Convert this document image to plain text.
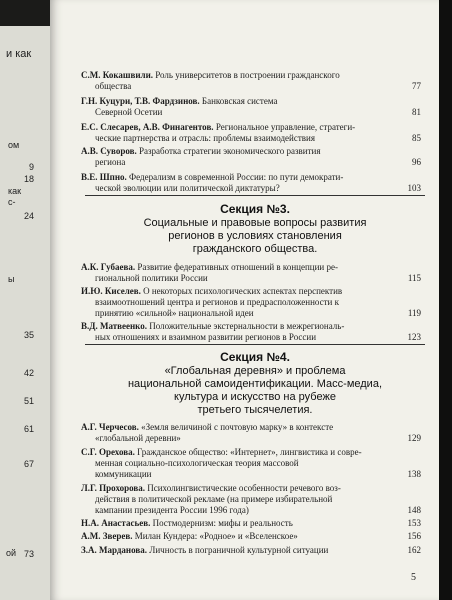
и как
ом
9
18
как
с-
24
ы
35
42
51
61
67
ой 73
С.М. Кокашвили. Роль университетов в построении гражданского
общества	77
Г.Н. Куцури, Т.В. Фардзинов. Банковская система
Северной Осетии	81
Е.С. Слесарев, А.В. Финагентов. Региональное управление, стратеги-
ческие партнерства и отрасль: проблемы взаимодействия	85
А.В. Суворов. Разработка стратегии экономического развития
региона	96
В.Е. Шпно. Федерализм в современной России: по пути демократи-
ческой эволюции или политической диктатуры?	103
Секция №3.
Социальные и правовые вопросы развития
регионов в условиях становления
гражданского общества.
А.К. Губаева. Развитие федеративных отношений в концепции ре-
гиональной политики России	115
И.Ю. Киселев. О некоторых психологических аспектах перспектив
взаимоотношений центра и регионов и предрасположенности к
принятию «сильной» национальной идеи	119
В.Д. Матвеенко. Положительные экстернальности в межрегиональ-
ных отношениях и взаимном развитии регионов в России	123
Секция №4.
«Глобальная деревня» и проблема
национальной самоидентификации. Масс-медиа,
культура и искусство на рубеже
третьего тысячелетия.
А.Г. Черчесов. «Земля величиной с почтовую марку» в контексте
«глобальной деревни»	129
С.Г. Орехова. Гражданское общество: «Интернет», лингвистика и совре-
менная социально-психологическая теория массовой
коммуникации	138
Л.Г. Прохорова. Психолингвистические особенности речевого воз-
действия в политической рекламе (на примере избирательной
кампании президента России 1996 года)	148
Н.А. Анастасьев. Постмодернизм: мифы и реальность	153
А.М. Зверев. Милан Кундера: «Родное» и «Вселенское»	156
З.А. Марданова. Личность в пограничной культурной ситуации	162
5
